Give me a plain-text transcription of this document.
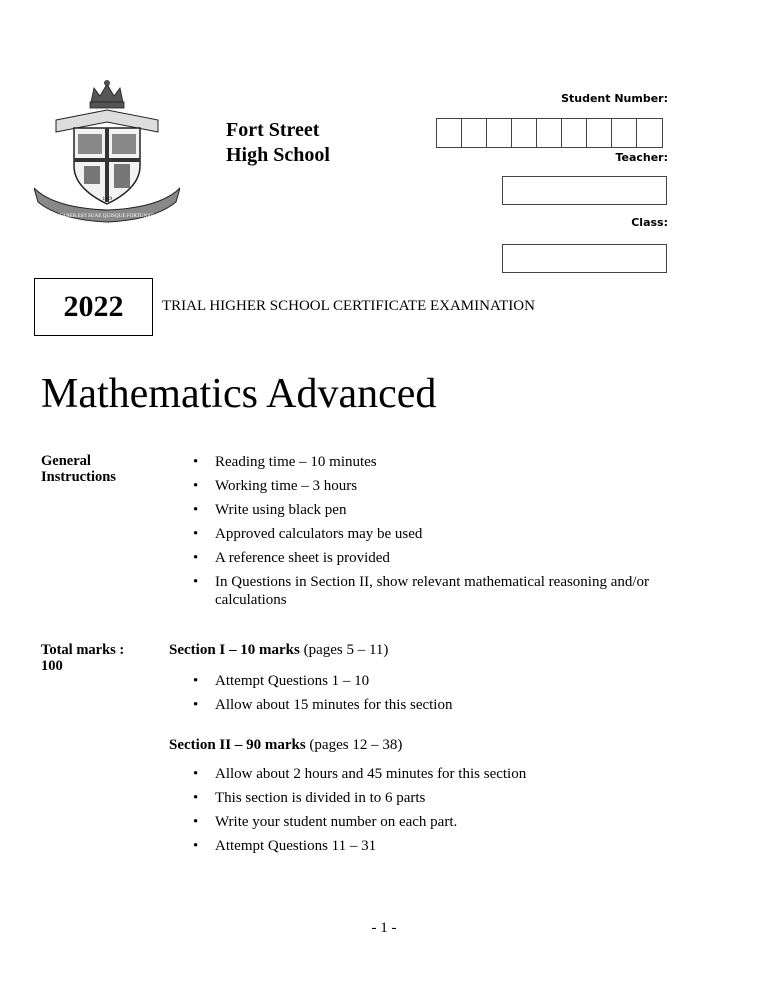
FABER EST SUAE QUISQUE FORTUNAE
1849
Fort Street
High School
Student Number:
Teacher:
Class:
2022	TRIAL HIGHER SCHOOL CERTIFICATE EXAMINATION
Mathematics Advanced
General
Instructions
• Reading time – 10 minutes
• Working time – 3 hours
• Write using black pen
• Approved calculators may be used
• A reference sheet is provided
• In Questions in Section II, show relevant mathematical reasoning and/or calculations
Total marks :
100
Section I – 10 marks (pages 5 – 11)
• Attempt Questions 1 – 10
• Allow about 15 minutes for this section
Section II – 90 marks (pages 12 – 38)
• Allow about 2 hours and 45 minutes for this section
• This section is divided in to 6 parts
• Write your student number on each part.
• Attempt Questions 11 – 31
- 1 -
